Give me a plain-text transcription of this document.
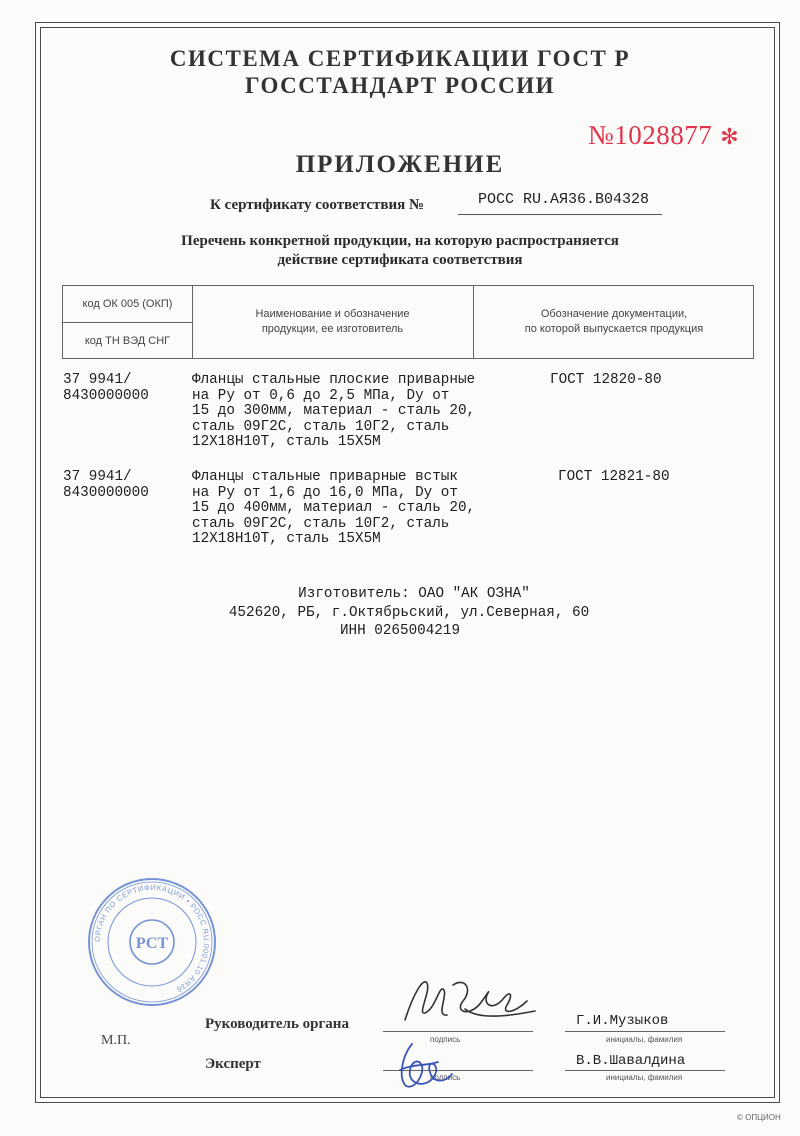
СИСТЕМА СЕРТИФИКАЦИИ ГОСТ Р
ГОССТАНДАРТ РОССИИ
№1028877 ✻
ПРИЛОЖЕНИЕ
К сертификату соответствия №	РОСС RU.АЯ36.В04328
Перечень конкретной продукции, на которую распространяется
действие сертификата соответствия
код ОК 005 (ОКП)
код ТН ВЭД СНГ
Наименование и обозначение
продукции, ее изготовитель
Обозначение документации,
по которой выпускается продукция
37 9941/
8430000000
Фланцы стальные плоские приварные
на Ру от 0,6 до 2,5 МПа, Dy от
15 до 300мм, материал - сталь 20,
сталь 09Г2С, сталь 10Г2, сталь
12Х18Н10Т, сталь 15Х5М
ГОСТ 12820-80
37 9941/
8430000000
Фланцы стальные приварные встык
на Ру от 1,6 до 16,0 МПа, Dy от
15 до 400мм, материал - сталь 20,
сталь 09Г2С, сталь 10Г2, сталь
12Х18Н10Т, сталь 15Х5М
ГОСТ 12821-80
Изготовитель: ОАО "АК ОЗНА"
452620, РБ, г.Октябрьский, ул.Северная, 60
ИНН 0265004219
ОРГАН ПО СЕРТИФИКАЦИИ • РОСС RU.0001.10 АЯ36
РСТ
М.П.
Руководитель органа
подпись
Г.И.Музыков
инициалы, фамилия
Эксперт
подпись
В.В.Шавалдина
инициалы, фамилия
© ОПЦИОН
